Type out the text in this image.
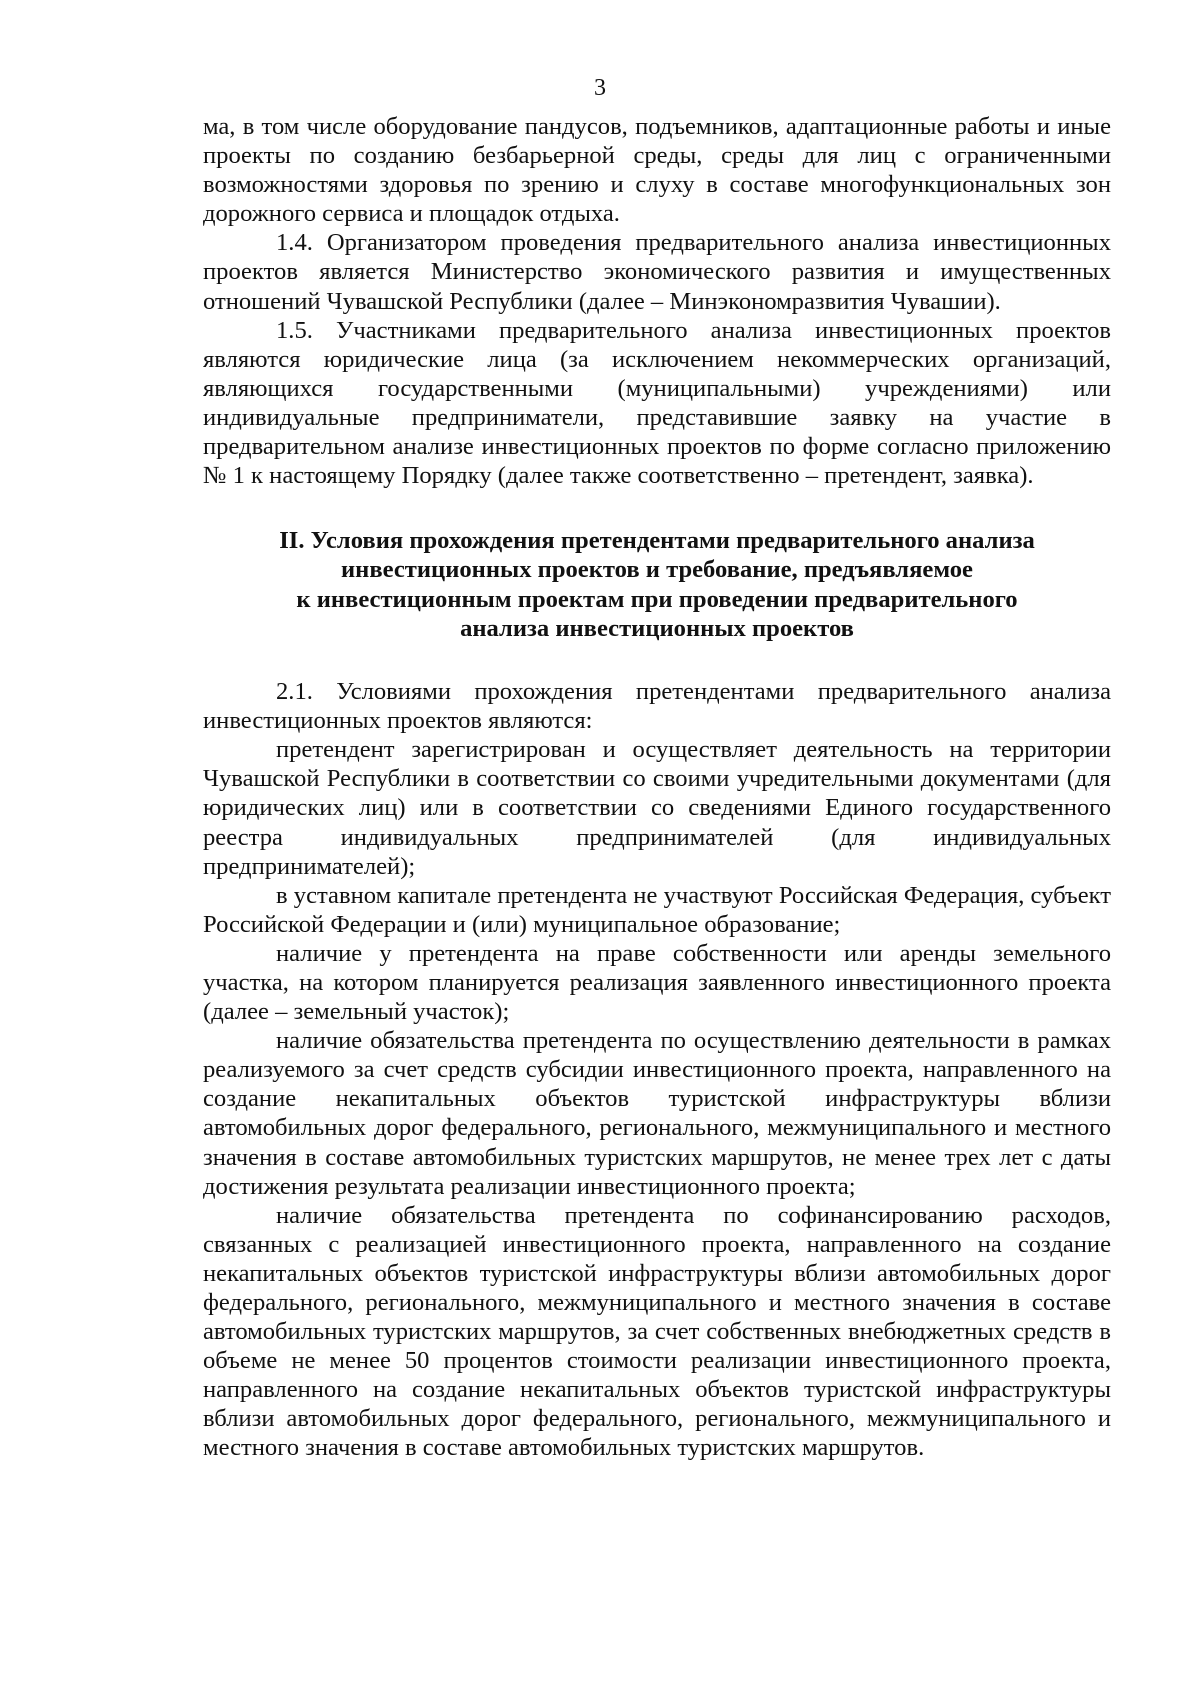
3

ма, в том числе оборудование пандусов, подъемников, адаптационные работы и иные проекты по созданию безбарьерной среды, среды для лиц с ограниченными возможностями здоровья по зрению и слуху в составе многофункциональных зон дорожного сервиса и площадок отдыха.

1.4. Организатором проведения предварительного анализа инвестиционных проектов является Министерство экономического развития и имущественных отношений Чувашской Республики (далее – Минэкономразвития Чувашии).

1.5. Участниками предварительного анализа инвестиционных проектов являются юридические лица (за исключением некоммерческих организаций, являющихся государственными (муниципальными) учреждениями) или индивидуальные предприниматели, представившие заявку на участие в предварительном анализе инвестиционных проектов по форме согласно приложению № 1 к настоящему Порядку (далее также соответственно – претендент, заявка).

II. Условия прохождения претендентами предварительного анализа
инвестиционных проектов и требование, предъявляемое
к инвестиционным проектам при проведении предварительного
анализа инвестиционных проектов

2.1. Условиями прохождения претендентами предварительного анализа инвестиционных проектов являются:

претендент зарегистрирован и осуществляет деятельность на территории Чувашской Республики в соответствии со своими учредительными документами (для юридических лиц) или в соответствии со сведениями Единого государственного реестра индивидуальных предпринимателей (для индивидуальных предпринимателей);

в уставном капитале претендента не участвуют Российская Федерация, субъект Российской Федерации и (или) муниципальное образование;

наличие у претендента на праве собственности или аренды земельного участка, на котором планируется реализация заявленного инвестиционного проекта (далее – земельный участок);

наличие обязательства претендента по осуществлению деятельности в рамках реализуемого за счет средств субсидии инвестиционного проекта, направленного на создание некапитальных объектов туристской инфраструктуры вблизи автомобильных дорог федерального, регионального, межмуниципального и местного значения в составе автомобильных туристских маршрутов, не менее трех лет с даты достижения результата реализации инвестиционного проекта;

наличие обязательства претендента по софинансированию расходов, связанных с реализацией инвестиционного проекта, направленного на создание некапитальных объектов туристской инфраструктуры вблизи автомобильных дорог федерального, регионального, межмуниципального и местного значения в составе автомобильных туристских маршрутов, за счет собственных внебюджетных средств в объеме не менее 50 процентов стоимости реализации инвестиционного проекта, направленного на создание некапитальных объектов туристской инфраструктуры вблизи автомобильных дорог федерального, регионального, межмуниципального и местного значения в составе автомобильных туристских маршрутов.
